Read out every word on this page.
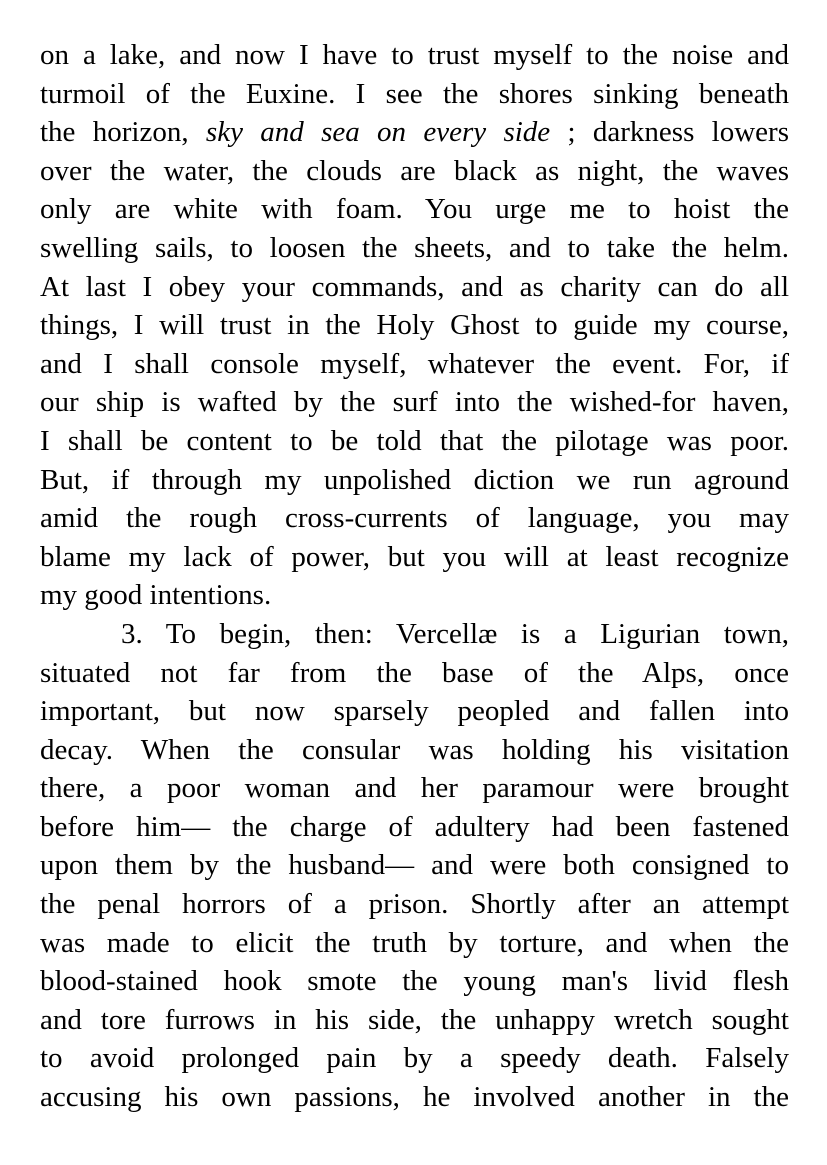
on a lake, and now I have to trust myself to the noise and
turmoil of the Euxine. I see the shores sinking beneath
the horizon, sky and sea on every side ; darkness lowers
over the water, the clouds are black as night, the waves
only are white with foam. You urge me to hoist the
swelling sails, to loosen the sheets, and to take the helm.
At last I obey your commands, and as charity can do all
things, I will trust in the Holy Ghost to guide my course,
and I shall console myself, whatever the event. For, if
our ship is wafted by the surf into the wished-for haven,
I shall be content to be told that the pilotage was poor.
But, if through my unpolished diction we run aground
amid the rough cross-currents of language, you may
blame my lack of power, but you will at least recognize
my good intentions.
3. To begin, then: Vercellæ is a Ligurian town,
situated not far from the base of the Alps, once
important, but now sparsely peopled and fallen into
decay. When the consular was holding his visitation
there, a poor woman and her paramour were brought
before him— the charge of adultery had been fastened
upon them by the husband— and were both consigned to
the penal horrors of a prison. Shortly after an attempt
was made to elicit the truth by torture, and when the
blood-stained hook smote the young man's livid flesh
and tore furrows in his side, the unhappy wretch sought
to avoid prolonged pain by a speedy death. Falsely
accusing his own passions, he involved another in the
